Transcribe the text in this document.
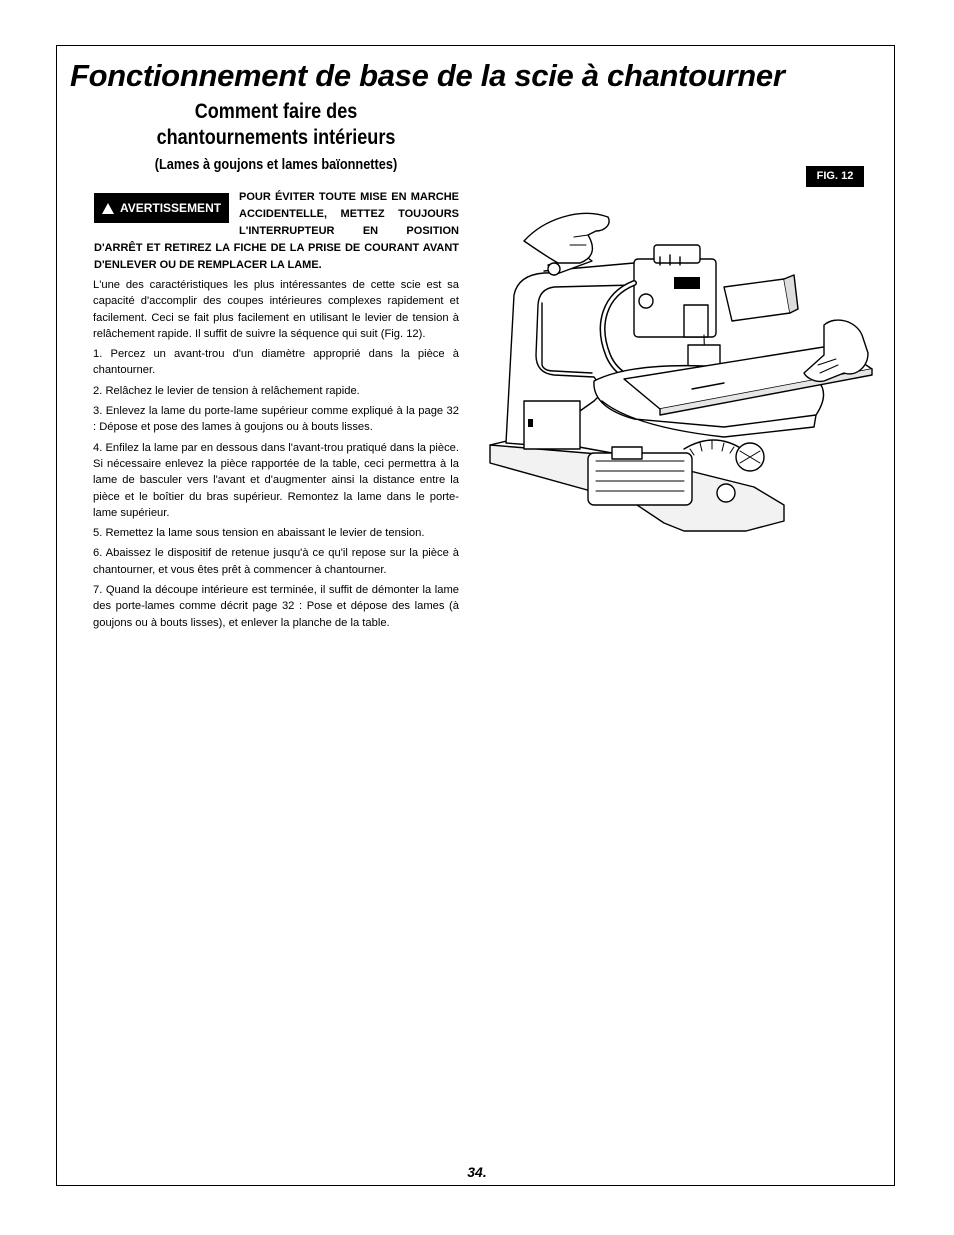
Fonctionnement de base de la scie à chantourner
Comment faire des chantournements intérieurs
(Lames à goujons et lames baïonnettes)
FIG. 12
AVERTISSEMENT
POUR ÉVITER TOUTE MISE EN MARCHE ACCIDENTELLE, METTEZ TOUJOURS L'INTERRUPTEUR EN POSITION D'ARRÊT ET RETIREZ LA FICHE DE LA PRISE DE COURANT AVANT D'ENLEVER OU DE REMPLACER LA LAME.

L'une des caractéristiques les plus intéressantes de cette scie est sa capacité d'accomplir des coupes intérieures complexes rapidement et facilement. Ceci se fait plus facilement en utilisant le levier de tension à relâchement rapide. Il suffit de suivre la séquence qui suit (Fig. 12).

1. Percez un avant-trou d'un diamètre approprié dans la pièce à chantourner.

2. Relâchez le levier de tension à relâchement rapide.

3. Enlevez la lame du porte-lame supérieur comme expliqué à la page 32 : Dépose et pose des lames à goujons ou à bouts lisses.

4. Enfilez la lame par en dessous dans l'avant-trou pratiqué dans la pièce. Si nécessaire enlevez la pièce rapportée de la table, ceci permettra à la lame de basculer vers l'avant et d'augmenter ainsi la distance entre la pièce et le boîtier du bras supérieur. Remontez la lame dans le porte-lame supérieur.

5. Remettez la lame sous tension en abaissant le levier de tension.

6. Abaissez le dispositif de retenue jusqu'à ce qu'il repose sur la pièce à chantourner, et vous êtes prêt à commencer à chantourner.

7. Quand la découpe intérieure est terminée, il suffit de démonter la lame des porte-lames comme décrit page 32 : Pose et dépose des lames (à goujons ou à bouts lisses), et enlever la planche de la table.

34.
